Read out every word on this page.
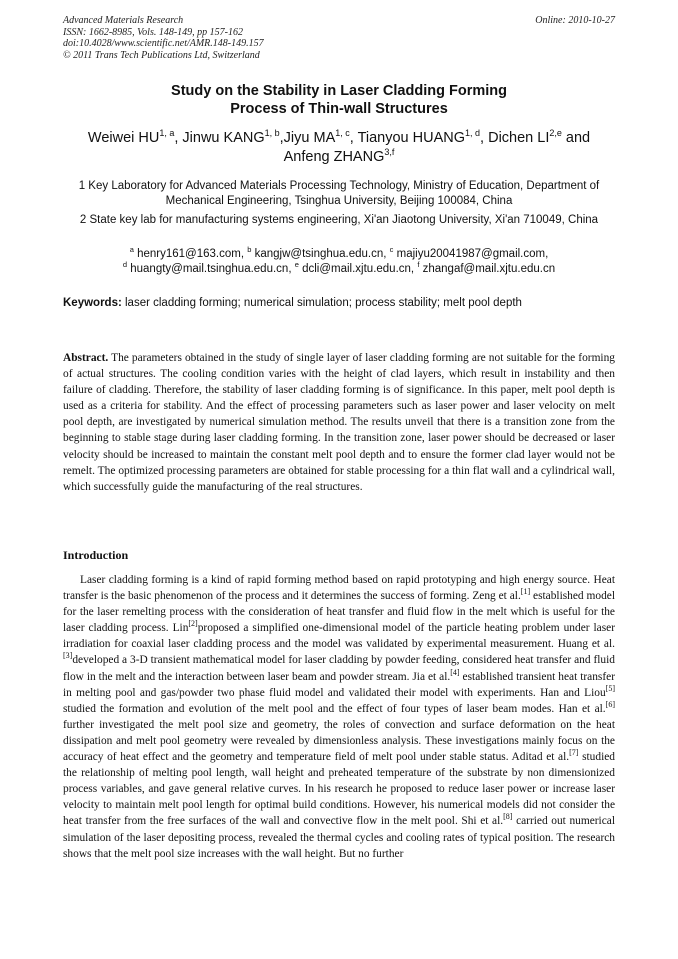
Advanced Materials Research
ISSN: 1662-8985, Vols. 148-149, pp 157-162
doi:10.4028/www.scientific.net/AMR.148-149.157
© 2011 Trans Tech Publications Ltd, Switzerland
Online: 2010-10-27
Study on the Stability in Laser Cladding Forming
Process of Thin-wall Structures
Weiwei HU$^{1, a}$, Jinwu KANG$^{1, b}$,Jiyu MA$^{1, c}$, Tianyou HUANG$^{1, d}$, Dichen LI$^{2,e}$ and
Anfeng ZHANG$^{3,f}$
1 Key Laboratory for Advanced Materials Processing Technology, Ministry of Education, Department of Mechanical Engineering, Tsinghua University, Beijing 100084, China
2 State key lab for manufacturing systems engineering, Xi'an Jiaotong University, Xi'an 710049, China
$^a$ henry161@163.com, $^b$ kangjw@tsinghua.edu.cn, $^c$ majiyu20041987@gmail.com,
$^d$ huangty@mail.tsinghua.edu.cn, $^e$ dcli@mail.xjtu.edu.cn, $^f$ zhangaf@mail.xjtu.edu.cn
Keywords: laser cladding forming; numerical simulation; process stability; melt pool depth
Abstract. The parameters obtained in the study of single layer of laser cladding forming are not suitable for the forming of actual structures. The cooling condition varies with the height of clad layers, which result in instability and then failure of cladding. Therefore, the stability of laser cladding forming is of significance. In this paper, melt pool depth is used as a criteria for stability. And the effect of processing parameters such as laser power and laser velocity on melt pool depth, are investigated by numerical simulation method. The results unveil that there is a transition zone from the beginning to stable stage during laser cladding forming. In the transition zone, laser power should be decreased or laser velocity should be increased to maintain the constant melt pool depth and to ensure the former clad layer would not be remelt. The optimized processing parameters are obtained for stable processing for a thin flat wall and a cylindrical wall, which successfully guide the manufacturing of the real structures.
Introduction
Laser cladding forming is a kind of rapid forming method based on rapid prototyping and high energy source. Heat transfer is the basic phenomenon of the process and it determines the success of forming. Zeng et al.[1] established model for the laser remelting process with the consideration of heat transfer and fluid flow in the melt which is useful for the laser cladding process. Lin[2]proposed a simplified one-dimensional model of the particle heating problem under laser irradiation for coaxial laser cladding process and the model was validated by experimental measurement. Huang et al.[3]developed a 3-D transient mathematical model for laser cladding by powder feeding, considered heat transfer and fluid flow in the melt and the interaction between laser beam and powder stream. Jia et al.[4] established transient heat transfer in melting pool and gas/powder two phase fluid model and validated their model with experiments. Han and Liou[5] studied the formation and evolution of the melt pool and the effect of four types of laser beam modes. Han et al.[6] further investigated the melt pool size and geometry, the roles of convection and surface deformation on the heat dissipation and melt pool geometry were revealed by dimensionless analysis. These investigations mainly focus on the accuracy of heat effect and the geometry and temperature field of melt pool under stable status. Aditad et al.[7] studied the relationship of melting pool length, wall height and preheated temperature of the substrate by non dimensionized process variables, and gave general relative curves. In his research he proposed to reduce laser power or increase laser velocity to maintain melt pool length for optimal build conditions. However, his numerical models did not consider the heat transfer from the free surfaces of the wall and convective flow in the melt pool. Shi et al.[8] carried out numerical simulation of the laser depositing process, revealed the thermal cycles and cooling rates of typical position. The research shows that the melt pool size increases with the wall height. But no further
